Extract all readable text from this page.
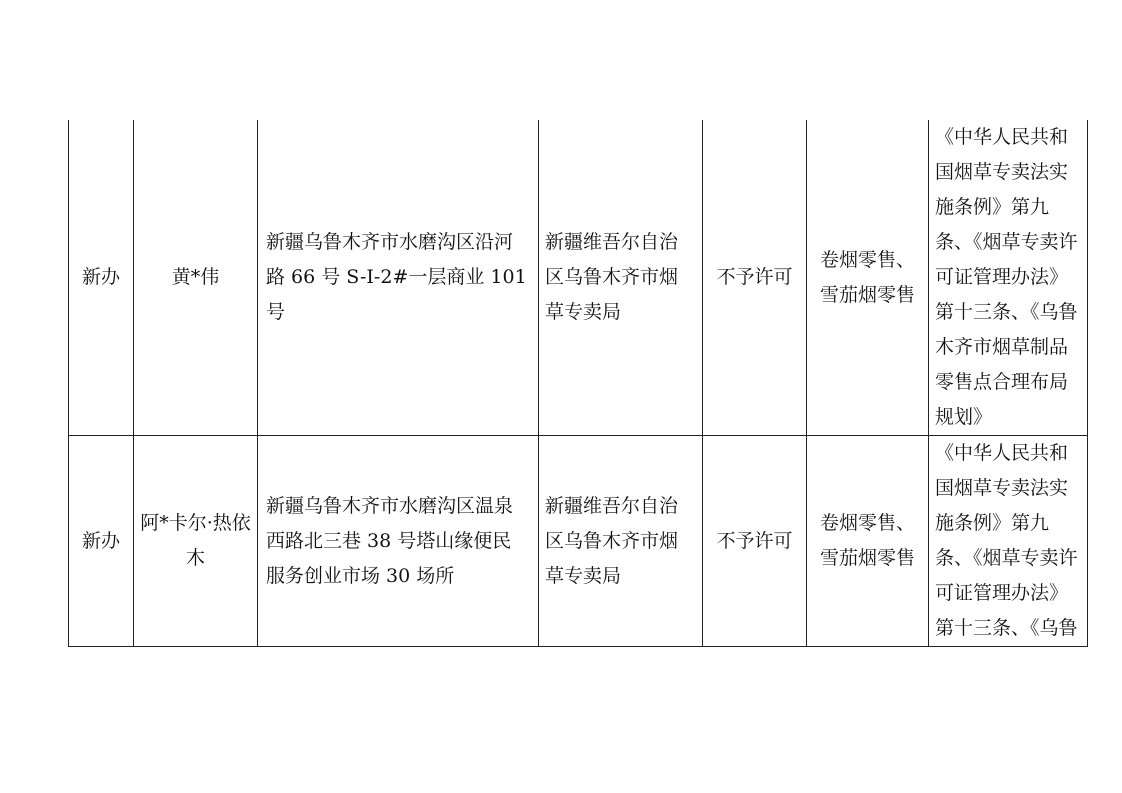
新办	黄*伟	新疆乌鲁木齐市水磨沟区沿河路 66 号 S-I-2#一层商业 101 号	新疆维吾尔自治区乌鲁木齐市烟草专卖局	不予许可	卷烟零售、雪茄烟零售	《中华人民共和国烟草专卖法实施条例》第九条、《烟草专卖许可证管理办法》第十三条、《乌鲁木齐市烟草制品零售点合理布局规划》

新办	阿*卡尔·热依木	新疆乌鲁木齐市水磨沟区温泉西路北三巷 38 号塔山缘便民服务创业市场 30 场所	新疆维吾尔自治区乌鲁木齐市烟草专卖局	不予许可	卷烟零售、雪茄烟零售	《中华人民共和国烟草专卖法实施条例》第九条、《烟草专卖许可证管理办法》第十三条、《乌鲁
